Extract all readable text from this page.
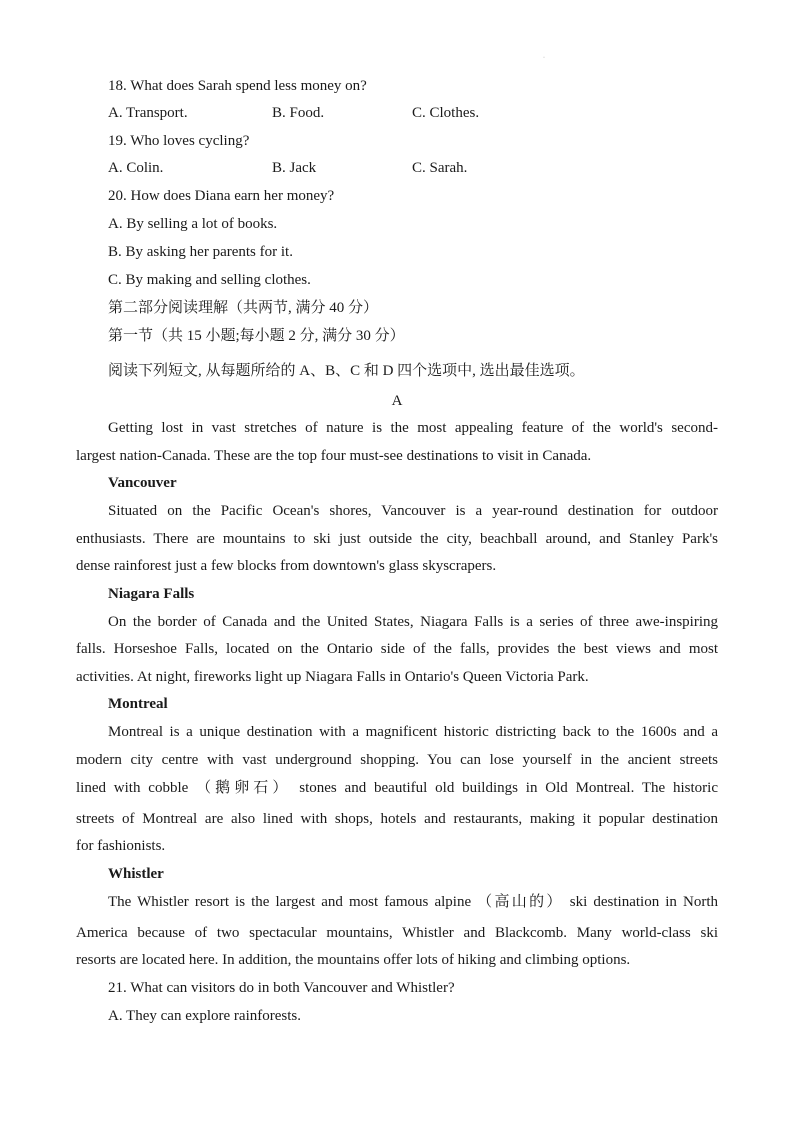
·
18. What does Sarah spend less money on?
A. Transport.	B. Food.	C. Clothes.
19. Who loves cycling?
A. Colin.	B. Jack	C. Sarah.
20. How does Diana earn her money?
A. By selling a lot of books.
B. By asking her parents for it.
C. By making and selling clothes.
第二部分阅读理解（共两节, 满分 40 分）
第一节（共 15 小题;每小题 2 分, 满分 30 分）
阅读下列短文, 从每题所给的 A、B、C 和 D 四个选项中, 选出最佳选项。
A
Getting lost in vast stretches of nature is the most appealing feature of the world's second-
largest nation-Canada. These are the top four must-see destinations to visit in Canada.
Vancouver
Situated on the Pacific Ocean's shores, Vancouver is a year-round destination for outdoor
enthusiasts. There are mountains to ski just outside the city, beachball around, and Stanley Park's
dense rainforest just a few blocks from downtown's glass skyscrapers.
Niagara Falls
On the border of Canada and the United States, Niagara Falls is a series of three awe-inspiring
falls. Horseshoe Falls, located on the Ontario side of the falls, provides the best views and most
activities. At night, fireworks light up Niagara Falls in Ontario's Queen Victoria Park.
Montreal
Montreal is a unique destination with a magnificent historic districting back to the 1600s and a
modern city centre with vast underground shopping. You can lose yourself in the ancient streets
lined with cobble （鹅卵石） stones and beautiful old buildings in Old Montreal. The historic
streets of Montreal are also lined with shops, hotels and restaurants, making it popular destination
for fashionists.
Whistler
The Whistler resort is the largest and most famous alpine （高山的） ski destination in North
America because of two spectacular mountains, Whistler and Blackcomb. Many world-class ski
resorts are located here. In addition, the mountains offer lots of hiking and climbing options.
21. What can visitors do in both Vancouver and Whistler?
A. They can explore rainforests.
